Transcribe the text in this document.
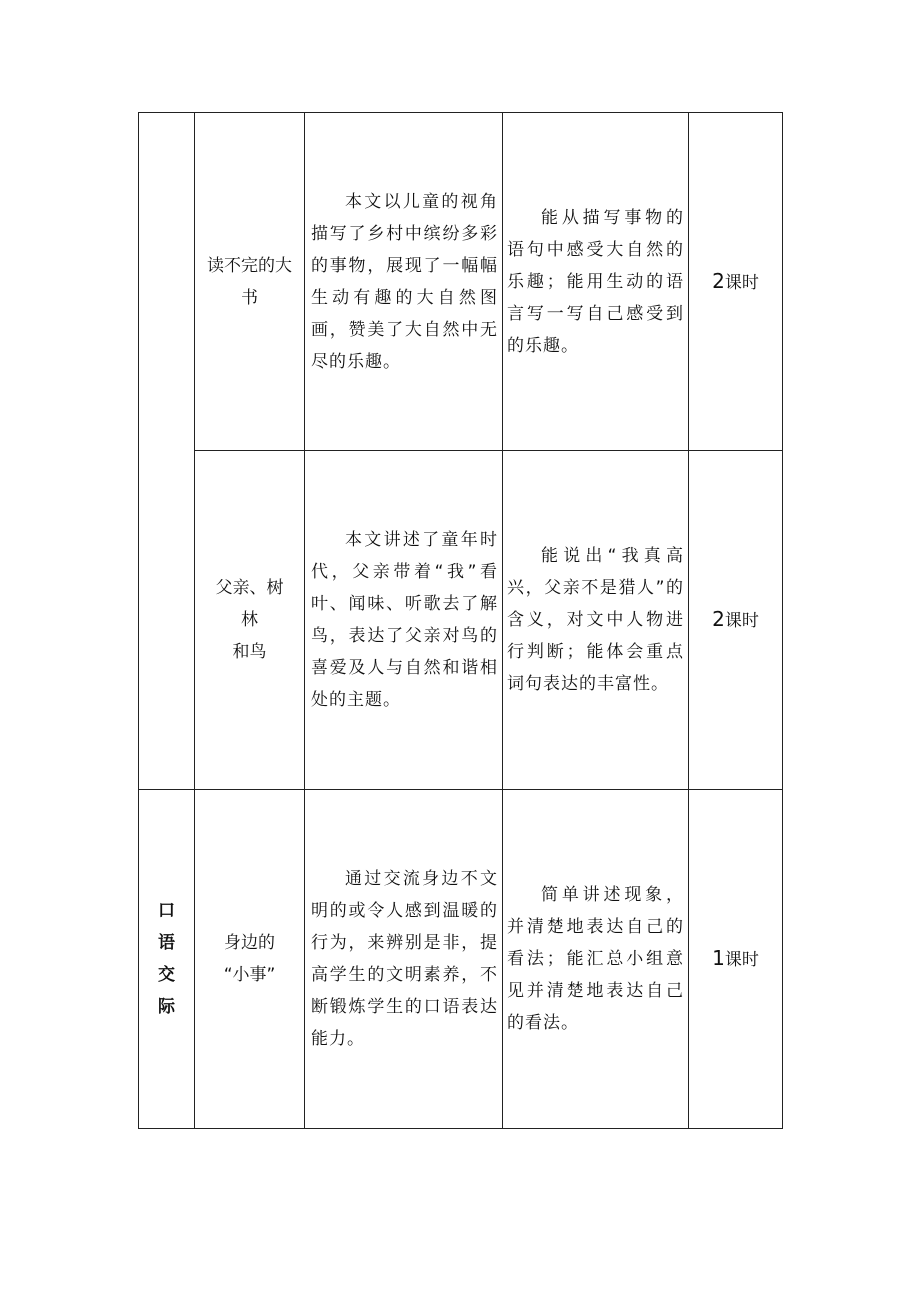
	读不完的大
书	本文以儿童的视角描写了乡村中缤纷多彩的事物，展现了一幅幅生动有趣的大自然图画，赞美了大自然中无尽的乐趣。	能从描写事物的语句中感受大自然的乐趣；能用生动的语言写一写自己感受到的乐趣。	2课时

	父亲、树
林
和鸟	本文讲述了童年时代，父亲带着“我”看叶、闻味、听歌去了解鸟，表达了父亲对鸟的喜爱及人与自然和谐相处的主题。	能说出“我真高兴，父亲不是猎人”的含义，对文中人物进行判断；能体会重点词句表达的丰富性。	2课时

口
语
交
际	身边的
“小事”	通过交流身边不文明的或令人感到温暖的行为，来辨别是非，提高学生的文明素养，不断锻炼学生的口语表达能力。	简单讲述现象，并清楚地表达自己的看法；能汇总小组意见并清楚地表达自己的看法。	1课时
